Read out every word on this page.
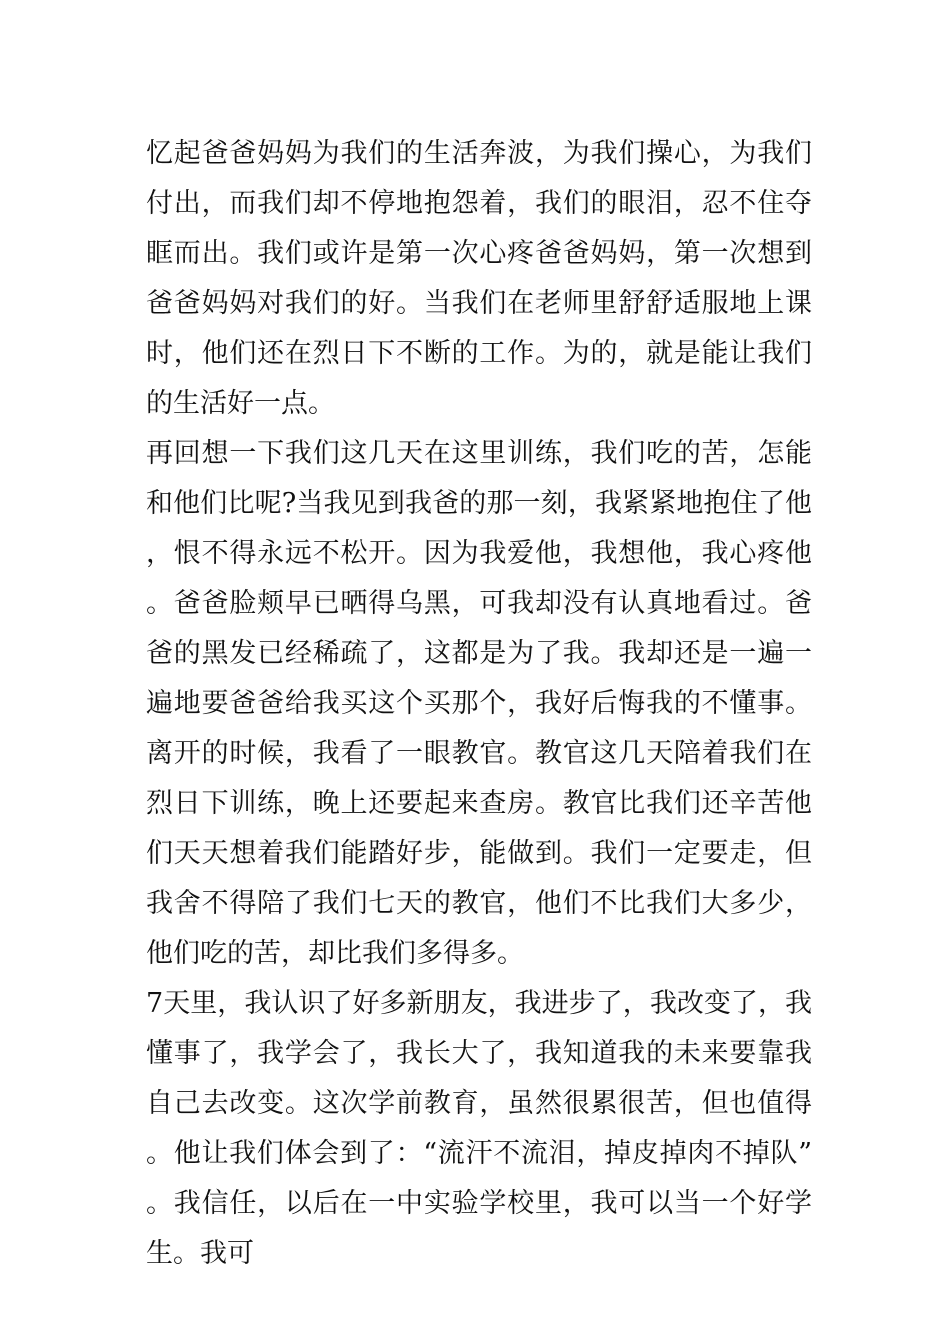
忆起爸爸妈妈为我们的生活奔波，为我们操心，为我们付出，而我们却不停地抱怨着，我们的眼泪，忍不住夺眶而出。我们或许是第一次心疼爸爸妈妈，第一次想到爸爸妈妈对我们的好。当我们在老师里舒舒适服地上课时，他们还在烈日下不断的工作。为的，就是能让我们的生活好一点。

再回想一下我们这几天在这里训练，我们吃的苦，怎能和他们比呢?当我见到我爸的那一刻，我紧紧地抱住了他，恨不得永远不松开。因为我爱他，我想他，我心疼他。爸爸脸颊早已晒得乌黑，可我却没有认真地看过。爸爸的黑发已经稀疏了，这都是为了我。我却还是一遍一遍地要爸爸给我买这个买那个，我好后悔我的不懂事。离开的时候，我看了一眼教官。教官这几天陪着我们在烈日下训练，晚上还要起来查房。教官比我们还辛苦他们天天想着我们能踏好步，能做到。我们一定要走，但我舍不得陪了我们七天的教官，他们不比我们大多少，他们吃的苦，却比我们多得多。

7天里，我认识了好多新朋友，我进步了，我改变了，我懂事了，我学会了，我长大了，我知道我的未来要靠我自己去改变。这次学前教育，虽然很累很苦，但也值得。他让我们体会到了：“流汗不流泪，掉皮掉肉不掉队”。我信任，以后在一中实验学校里，我可以当一个好学生。我可
